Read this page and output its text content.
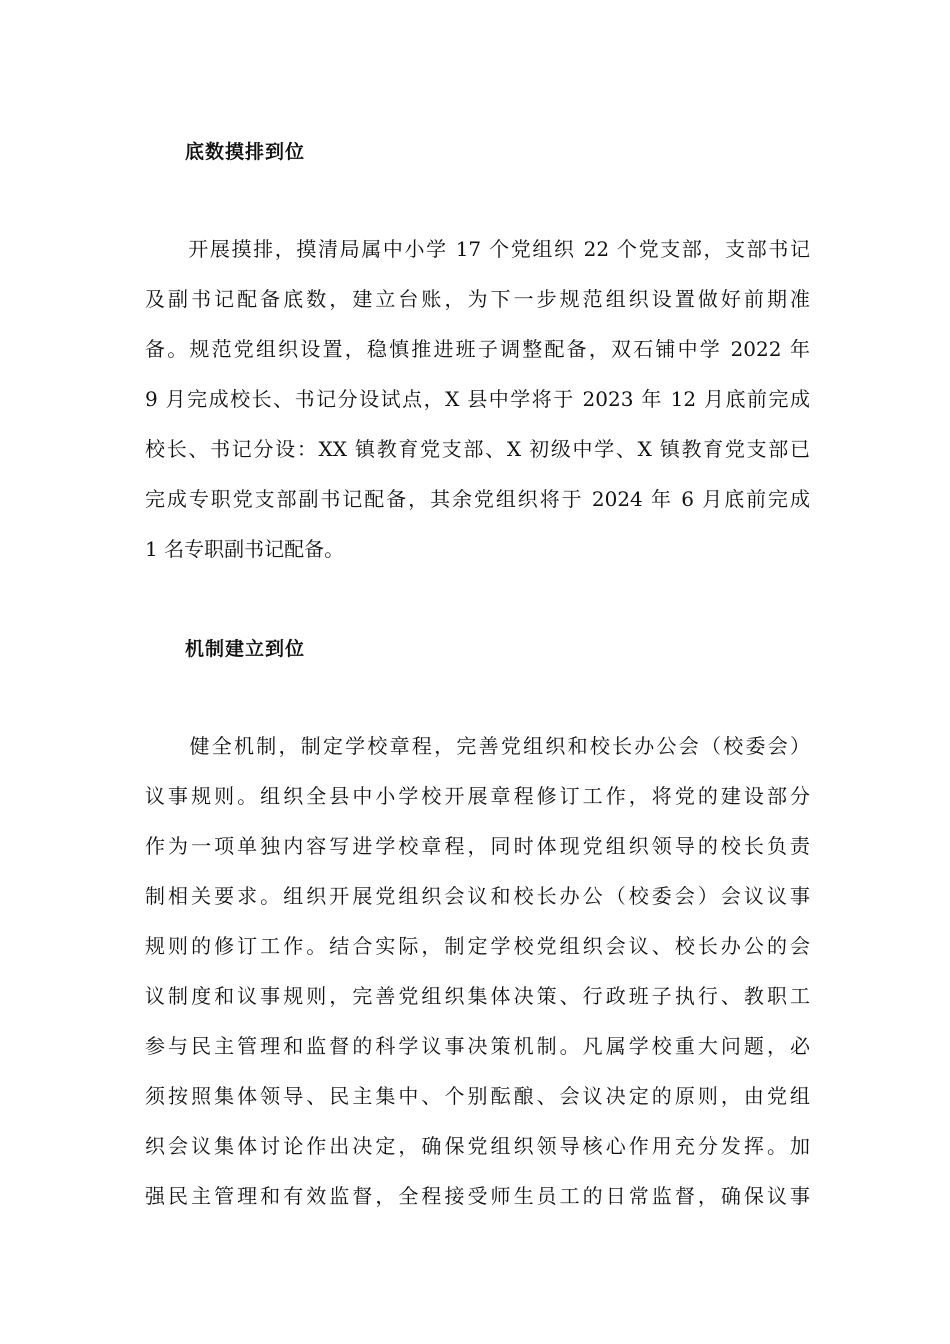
底数摸排到位
　　开展摸排，摸清局属中小学 17 个党组织 22 个党支部，支部书记
及副书记配备底数，建立台账，为下一步规范组织设置做好前期准
备。规范党组织设置，稳慎推进班子调整配备，双石铺中学 2022 年
9 月完成校长、书记分设试点，X 县中学将于 2023 年 12 月底前完成
校长、书记分设：XX 镇教育党支部、X 初级中学、X 镇教育党支部已
完成专职党支部副书记配备，其余党组织将于 2024 年 6 月底前完成
1 名专职副书记配备。
机制建立到位
　　健全机制，制定学校章程，完善党组织和校长办公会（校委会）
议事规则。组织全县中小学校开展章程修订工作，将党的建设部分
作为一项单独内容写进学校章程，同时体现党组织领导的校长负责
制相关要求。组织开展党组织会议和校长办公（校委会）会议议事
规则的修订工作。结合实际，制定学校党组织会议、校长办公的会
议制度和议事规则，完善党组织集体决策、行政班子执行、教职工
参与民主管理和监督的科学议事决策机制。凡属学校重大问题，必
须按照集体领导、民主集中、个别酝酿、会议决定的原则，由党组
织会议集体讨论作出决定，确保党组织领导核心作用充分发挥。加
强民主管理和有效监督，全程接受师生员工的日常监督，确保议事
